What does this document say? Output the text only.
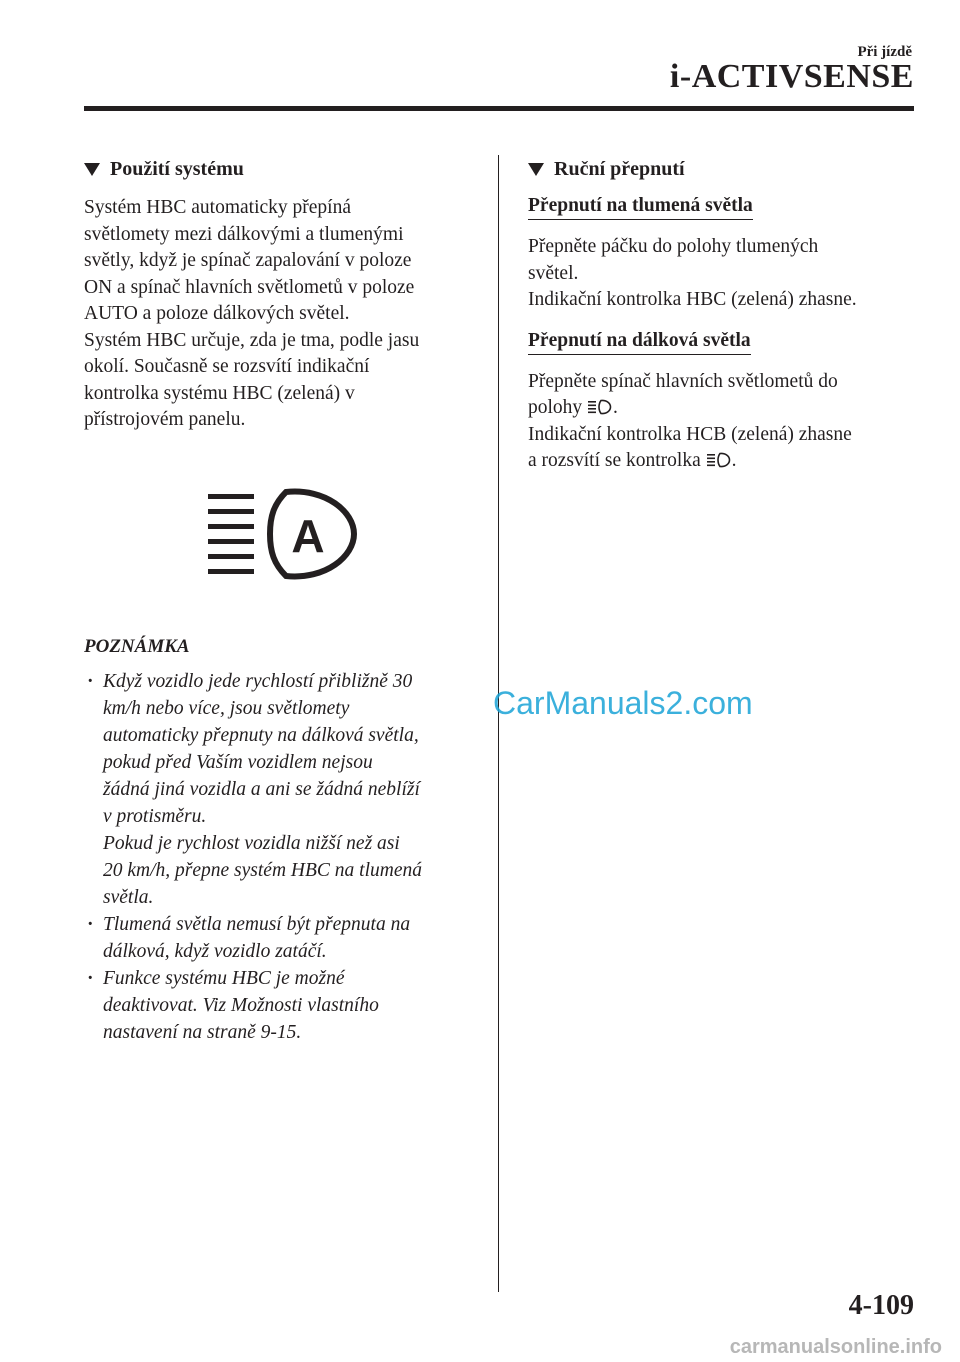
Při jízdě
i-ACTIVSENSE
Použití systému

Systém HBC automaticky přepíná
světlomety mezi dálkovými a tlumenými
světly, když je spínač zapalování v poloze
ON a spínač hlavních světlometů v poloze
AUTO a poloze dálkových světel.

Systém HBC určuje, zda je tma, podle jasu
okolí. Současně se rozsvítí indikační
kontrolka systému HBC (zelená) v
přístrojovém panelu.

A
POZNÁMKA
· Když vozidlo jede rychlostí přibližně 30
km/h nebo více, jsou světlomety
automaticky přepnuty na dálková světla,
pokud před Vaším vozidlem nejsou
žádná jiná vozidla a ani se žádná neblíží
v protisměru.
Pokud je rychlost vozidla nižší než asi
20 km/h, přepne systém HBC na tlumená
světla.
· Tlumená světla nemusí být přepnuta na
dálková, když vozidlo zatáčí.
· Funkce systému HBC je možné
deaktivovat. Viz Možnosti vlastního
nastavení na straně 9-15.
Ruční přepnutí
Přepnutí na tlumená světla

Přepněte páčku do polohy tlumených
světel.
Indikační kontrolka HBC (zelená) zhasne.

Přepnutí na dálková světla

Přepněte spínač hlavních světlometů do
polohy .
Indikační kontrolka HCB (zelená) zhasne
a rozsvítí se kontrolka .

CarManuals2.com
4-109
carmanualsonline.info
